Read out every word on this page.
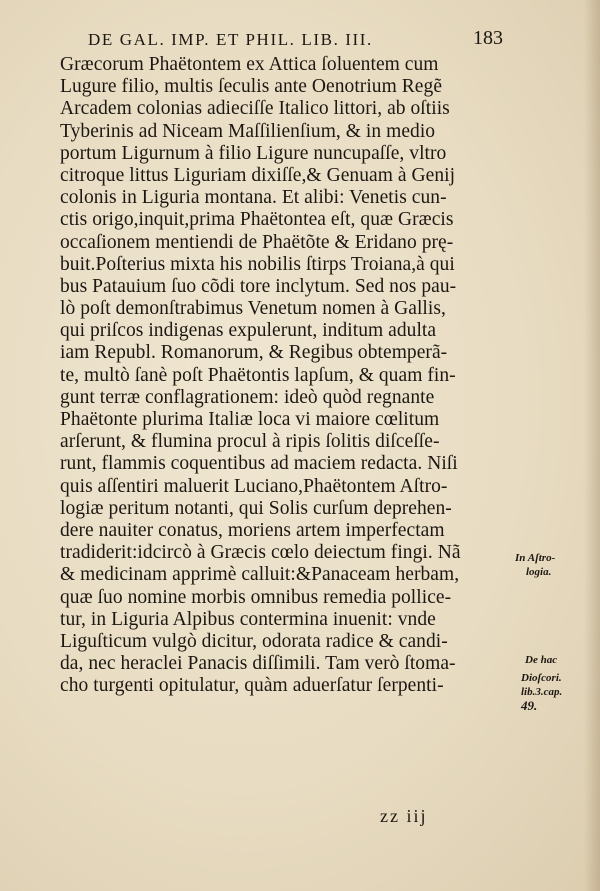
DE GAL. IMP. ET PHIL. LIB. III.	183
Græcorum Phaëtontem ex Attica ſoluentem cum
Lugure filio, multis ſeculis ante Oenotrium Regẽ
Arcadem colonias adieciſſe Italico littori, ab oſtiis
Tyberinis ad Niceam Maſſilienſium, & in medio
portum Ligurnum à filio Ligure nuncupaſſe, vltro
citroque littus Liguriam dixiſſe,& Genuam à Genij
colonis in Liguria montana. Et alibi: Venetis cun-
ctis origo,inquit,prima Phaëtontea eſt, quæ Græcis
occaſionem mentiendi de Phaëtõte & Eridano prę-
buit.Poſterius mixta his nobilis ſtirps Troiana,à qui
bus Patauium ſuo cõdi tore inclytum. Sed nos pau-
lò poſt demonſtrabimus Venetum nomen à Gallis,
qui priſcos indigenas expulerunt, inditum adulta
iam Republ. Romanorum, & Regibus obtemperã-
te, multò ſanè poſt Phaëtontis lapſum, & quam fin-
gunt terræ conflagrationem: ideò quòd regnante
Phaëtonte plurima Italiæ loca vi maiore cœlitum
arſerunt, & flumina procul à ripis ſolitis diſceſſe-
runt, flammis coquentibus ad maciem redacta. Niſi
quis aſſentiri maluerit Luciano,Phaëtontem Aſtro-
logiæ peritum notanti, qui Solis curſum deprehen-
dere nauiter conatus, moriens artem imperfectam
tradiderit:idcircò à Græcis cœlo deiectum fingi. Nã
& medicinam apprimè calluit:&Panaceam herbam,
quæ ſuo nomine morbis omnibus remedia pollice-
tur, in Liguria Alpibus contermina inuenit: vnde
Liguſticum vulgò dicitur, odorata radice & candi-
da, nec heraclei Panacis diſſimili. Tam verò ſtoma-
cho turgenti opitulatur, quàm aduerſatur ſerpenti-
In Aſtro-
logia.
De hac
Dioſcori.
lib.3.cap.
49.
zz iij
